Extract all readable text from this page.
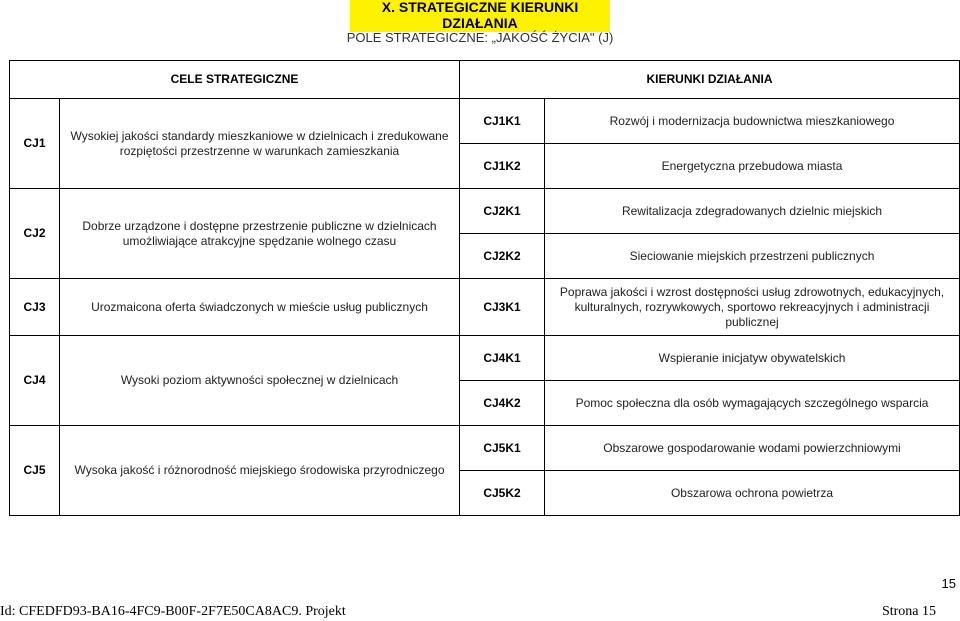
X. STRATEGICZNE KIERUNKI DZIAŁANIA
POLE STRATEGICZNE: „JAKOŚĆ ŻYCIA" (J)
CELE STRATEGICZNE		KIERUNKI DZIAŁANIA	
CJ1	Wysokiej jakości standardy mieszkaniowe w dzielnicach i zredukowane rozpiętości przestrzenne w warunkach zamieszkania	CJ1K1	Rozwój i modernizacja budownictwa mieszkaniowego
		CJ1K2	Energetyczna przebudowa miasta
CJ2	Dobrze urządzone i dostępne przestrzenie publiczne w dzielnicach umożliwiające atrakcyjne spędzanie wolnego czasu	CJ2K1	Rewitalizacja zdegradowanych dzielnic miejskich
		CJ2K2	Sieciowanie miejskich przestrzeni publicznych
CJ3	Urozmaicona oferta świadczonych w mieście usług publicznych	CJ3K1	Poprawa jakości i wzrost dostępności usług zdrowotnych, edukacyjnych, kulturalnych, rozrywkowych, sportowo rekreacyjnych i administracji publicznej
CJ4	Wysoki poziom aktywności społecznej w dzielnicach	CJ4K1	Wspieranie inicjatyw obywatelskich
		CJ4K2	Pomoc społeczna dla osób wymagających szczególnego wsparcia
CJ5	Wysoka jakość i różnorodność miejskiego środowiska przyrodniczego	CJ5K1	Obszarowe gospodarowanie wodami powierzchniowymi
		CJ5K2	Obszarowa ochrona powietrza
15
Id: CFEDFD93-BA16-4FC9-B00F-2F7E50CA8AC9. Projekt	Strona 15
